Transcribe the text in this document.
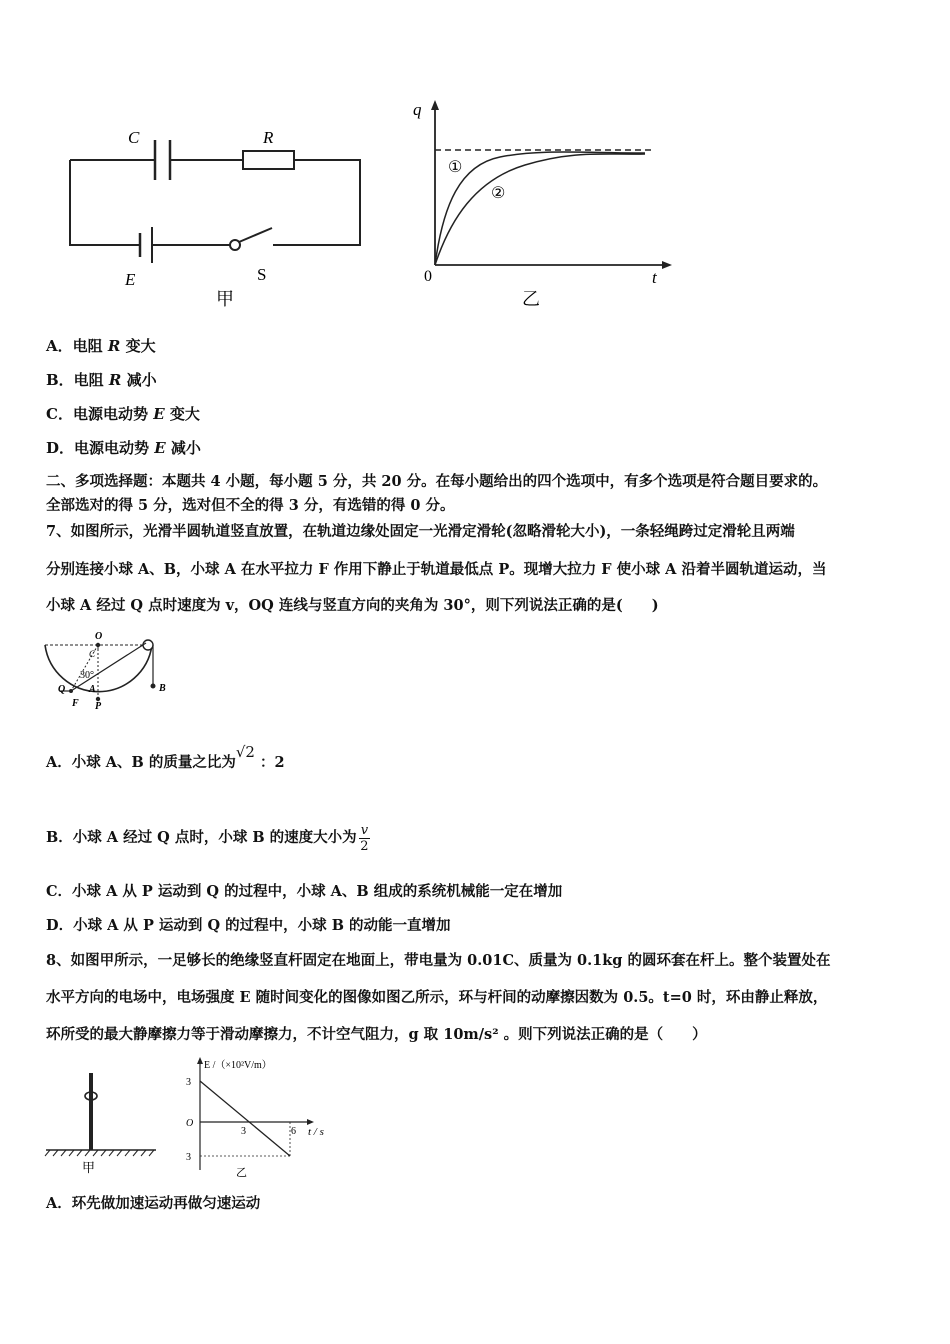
C	R
E	S
甲
q
t
0
①
②
乙
A．电阻 R 变大
B．电阻 R 减小
C．电源电动势 E 变大
D．电源电动势 E 减小
二、多项选择题：本题共 4 小题，每小题 5 分，共 20 分。在每小题给出的四个选项中，有多个选项是符合题目要求的。
全部选对的得 5 分，选对但不全的得 3 分，有选错的得 0 分。
7、如图所示，光滑半圆轨道竖直放置，在轨道边缘处固定一光滑定滑轮(忽略滑轮大小)，一条轻绳跨过定滑轮且两端
分别连接小球 A、B，小球 A 在水平拉力 F 作用下静止于轨道最低点 P。现增大拉力 F 使小球 A 沿着半圆轨道运动，当
小球 A 经过 Q 点时速度为 v，OQ 连线与竖直方向的夹角为 30°，则下列说法正确的是(　　)
O
C
30°
Q A
F P
B
A．小球 A、B 的质量之比为√2 ：2
B．小球 A 经过 Q 点时，小球 B 的速度大小为 $\frac{v}{2}$
C．小球 A 从 P 运动到 Q 的过程中，小球 A、B 组成的系统机械能一定在增加
D．小球 A 从 P 运动到 Q 的过程中，小球 B 的动能一直增加
8、如图甲所示，一足够长的绝缘竖直杆固定在地面上，带电量为 0.01C、质量为 0.1kg 的圆环套在杆上。整个装置处在
水平方向的电场中，电场强度 E 随时间变化的图像如图乙所示，环与杆间的动摩擦因数为 0.5。t=0 时，环由静止释放，
环所受的最大静摩擦力等于滑动摩擦力，不计空气阻力，g 取 10m/s² 。则下列说法正确的是（　　）
甲
E /（×10²V/m）
t / s
O
3
3
3	6
乙
A．环先做加速运动再做匀速运动
